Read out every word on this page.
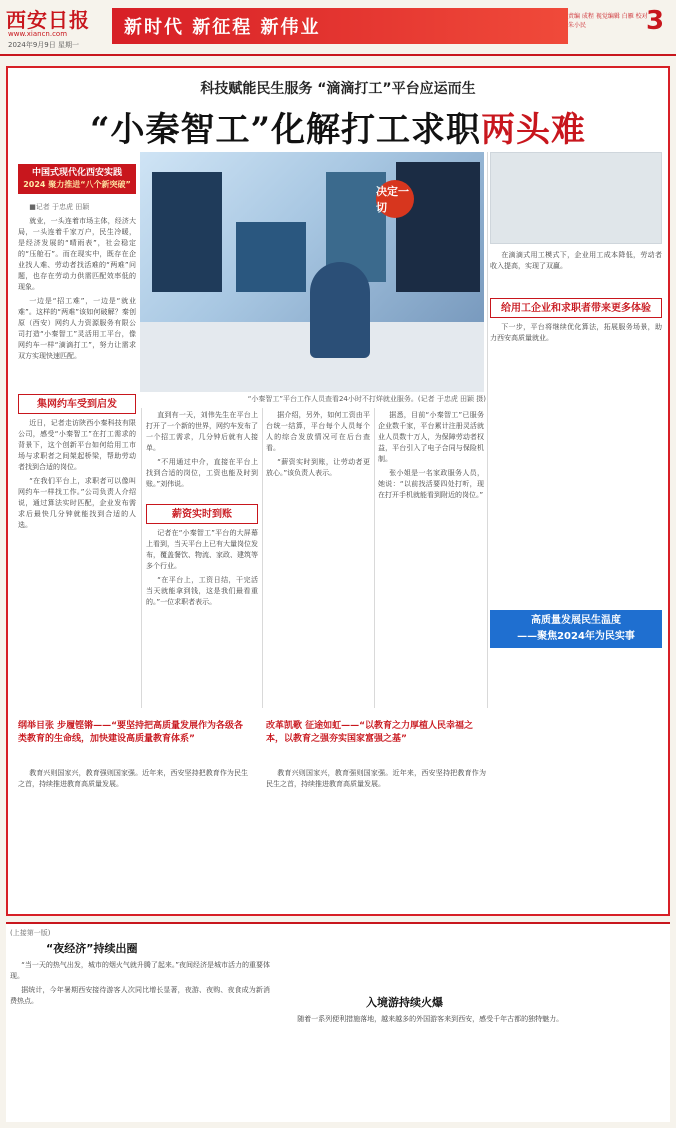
西安日报
www.xiancn.com
2024年9月9日 星期一
新时代 新征程 新伟业
责编 成程 视觉编辑 白雁 校对 朱小民	3
科技赋能民生服务 “滴滴打工”平台应运而生
“小秦智工”化解打工求职两头难
中国式现代化西安实践
2024 聚力推进“八个新突破”
决定一切
“小秦智工”平台工作人员查看24小时不打烊就业服务。(记者 于忠虎 田颖 摄)

■记者 于忠虎 田颖

就业，一头连着市场主体，经济大局，一头连着千家万户，民生冷暖，是经济发展的“晴雨表”，社会稳定的“压舱石”。而在现实中，既存在企业找人难、劳动者找活难的“两难”问题，也存在劳动力供需匹配效率低的现象。

一边是“招工难”，一边是“就业难”。这样的“两难”该如何破解？秦创原（西安）网约人力资源服务有限公司打造“小秦智工”灵活用工平台，像网约车一样“滴滴打工”，努力让需求双方实现快速匹配。

集网约车受到启发

近日，记者走访陕西小秦科技有限公司，感受“小秦智工”在打工需求的背景下，这个创新平台如何给用工市场与求职者之间架起桥梁，帮助劳动者找到合适的岗位。

“在我们平台上，求职者可以像叫网约车一样找工作。”公司负责人介绍说，通过算法实时匹配，企业发布需求后最快几分钟就能找到合适的人选。

直到有一天，刘伟先生在平台上打开了一个新的世界，网约车发布了一个招工需求，几分钟后就有人接单。

“不用通过中介，直接在平台上找到合适的岗位，工资也能及时到账。”刘伟说。

薪资实时到账

记者在“小秦智工”平台的大屏幕上看到，当天平台上已有大量岗位发布，覆盖餐饮、物流、家政、建筑等多个行业。

“在平台上，工资日结，干完活当天就能拿到钱，这是我们最看重的。”一位求职者表示。

据介绍，另外，如何工资由平台统一结算，平台每个人员每个人的综合发放情况可在后台查看。

“薪资实时到账，让劳动者更放心。”该负责人表示。

据悉，目前“小秦智工”已服务企业数千家，平台累计注册灵活就业人员数十万人，为保障劳动者权益，平台引入了电子合同与保险机制。

张小姐是一名家政服务人员，她说：“以前找活要四处打听，现在打开手机就能看到附近的岗位。”

在滴滴式用工模式下，企业用工成本降低，劳动者收入提高，实现了双赢。

给用工企业和求职者带来更多体验

下一步，平台将继续优化算法，拓展服务场景，助力西安高质量就业。

高质量发展民生温度
——聚焦2024年为民实事
纲举目张 步履铿锵——“要坚持把高质量发展作为各级各类教育的生命线，加快建设高质量教育体系”

教育兴则国家兴，教育强则国家强。近年来，西安坚持把教育作为民生之首，持续推进教育高质量发展。

改革凯歌 征途如虹——“以教育之力厚植人民幸福之本，以教育之强夯实国家富强之基”

教育兴则国家兴，教育强则国家强。近年来，西安坚持把教育作为民生之首，持续推进教育高质量发展。

(上接第一版)
“夜经济”持续出圈

“当一天的热气出发，城市的烟火气就升腾了起来。”夜间经济是城市活力的重要体现。

据统计，今年暑期西安接待游客人次同比增长显著，夜游、夜购、夜食成为新消费热点。	入境游持续火爆

随着一系列便利措施落地，越来越多的外国游客来到西安，感受千年古都的独特魅力。
